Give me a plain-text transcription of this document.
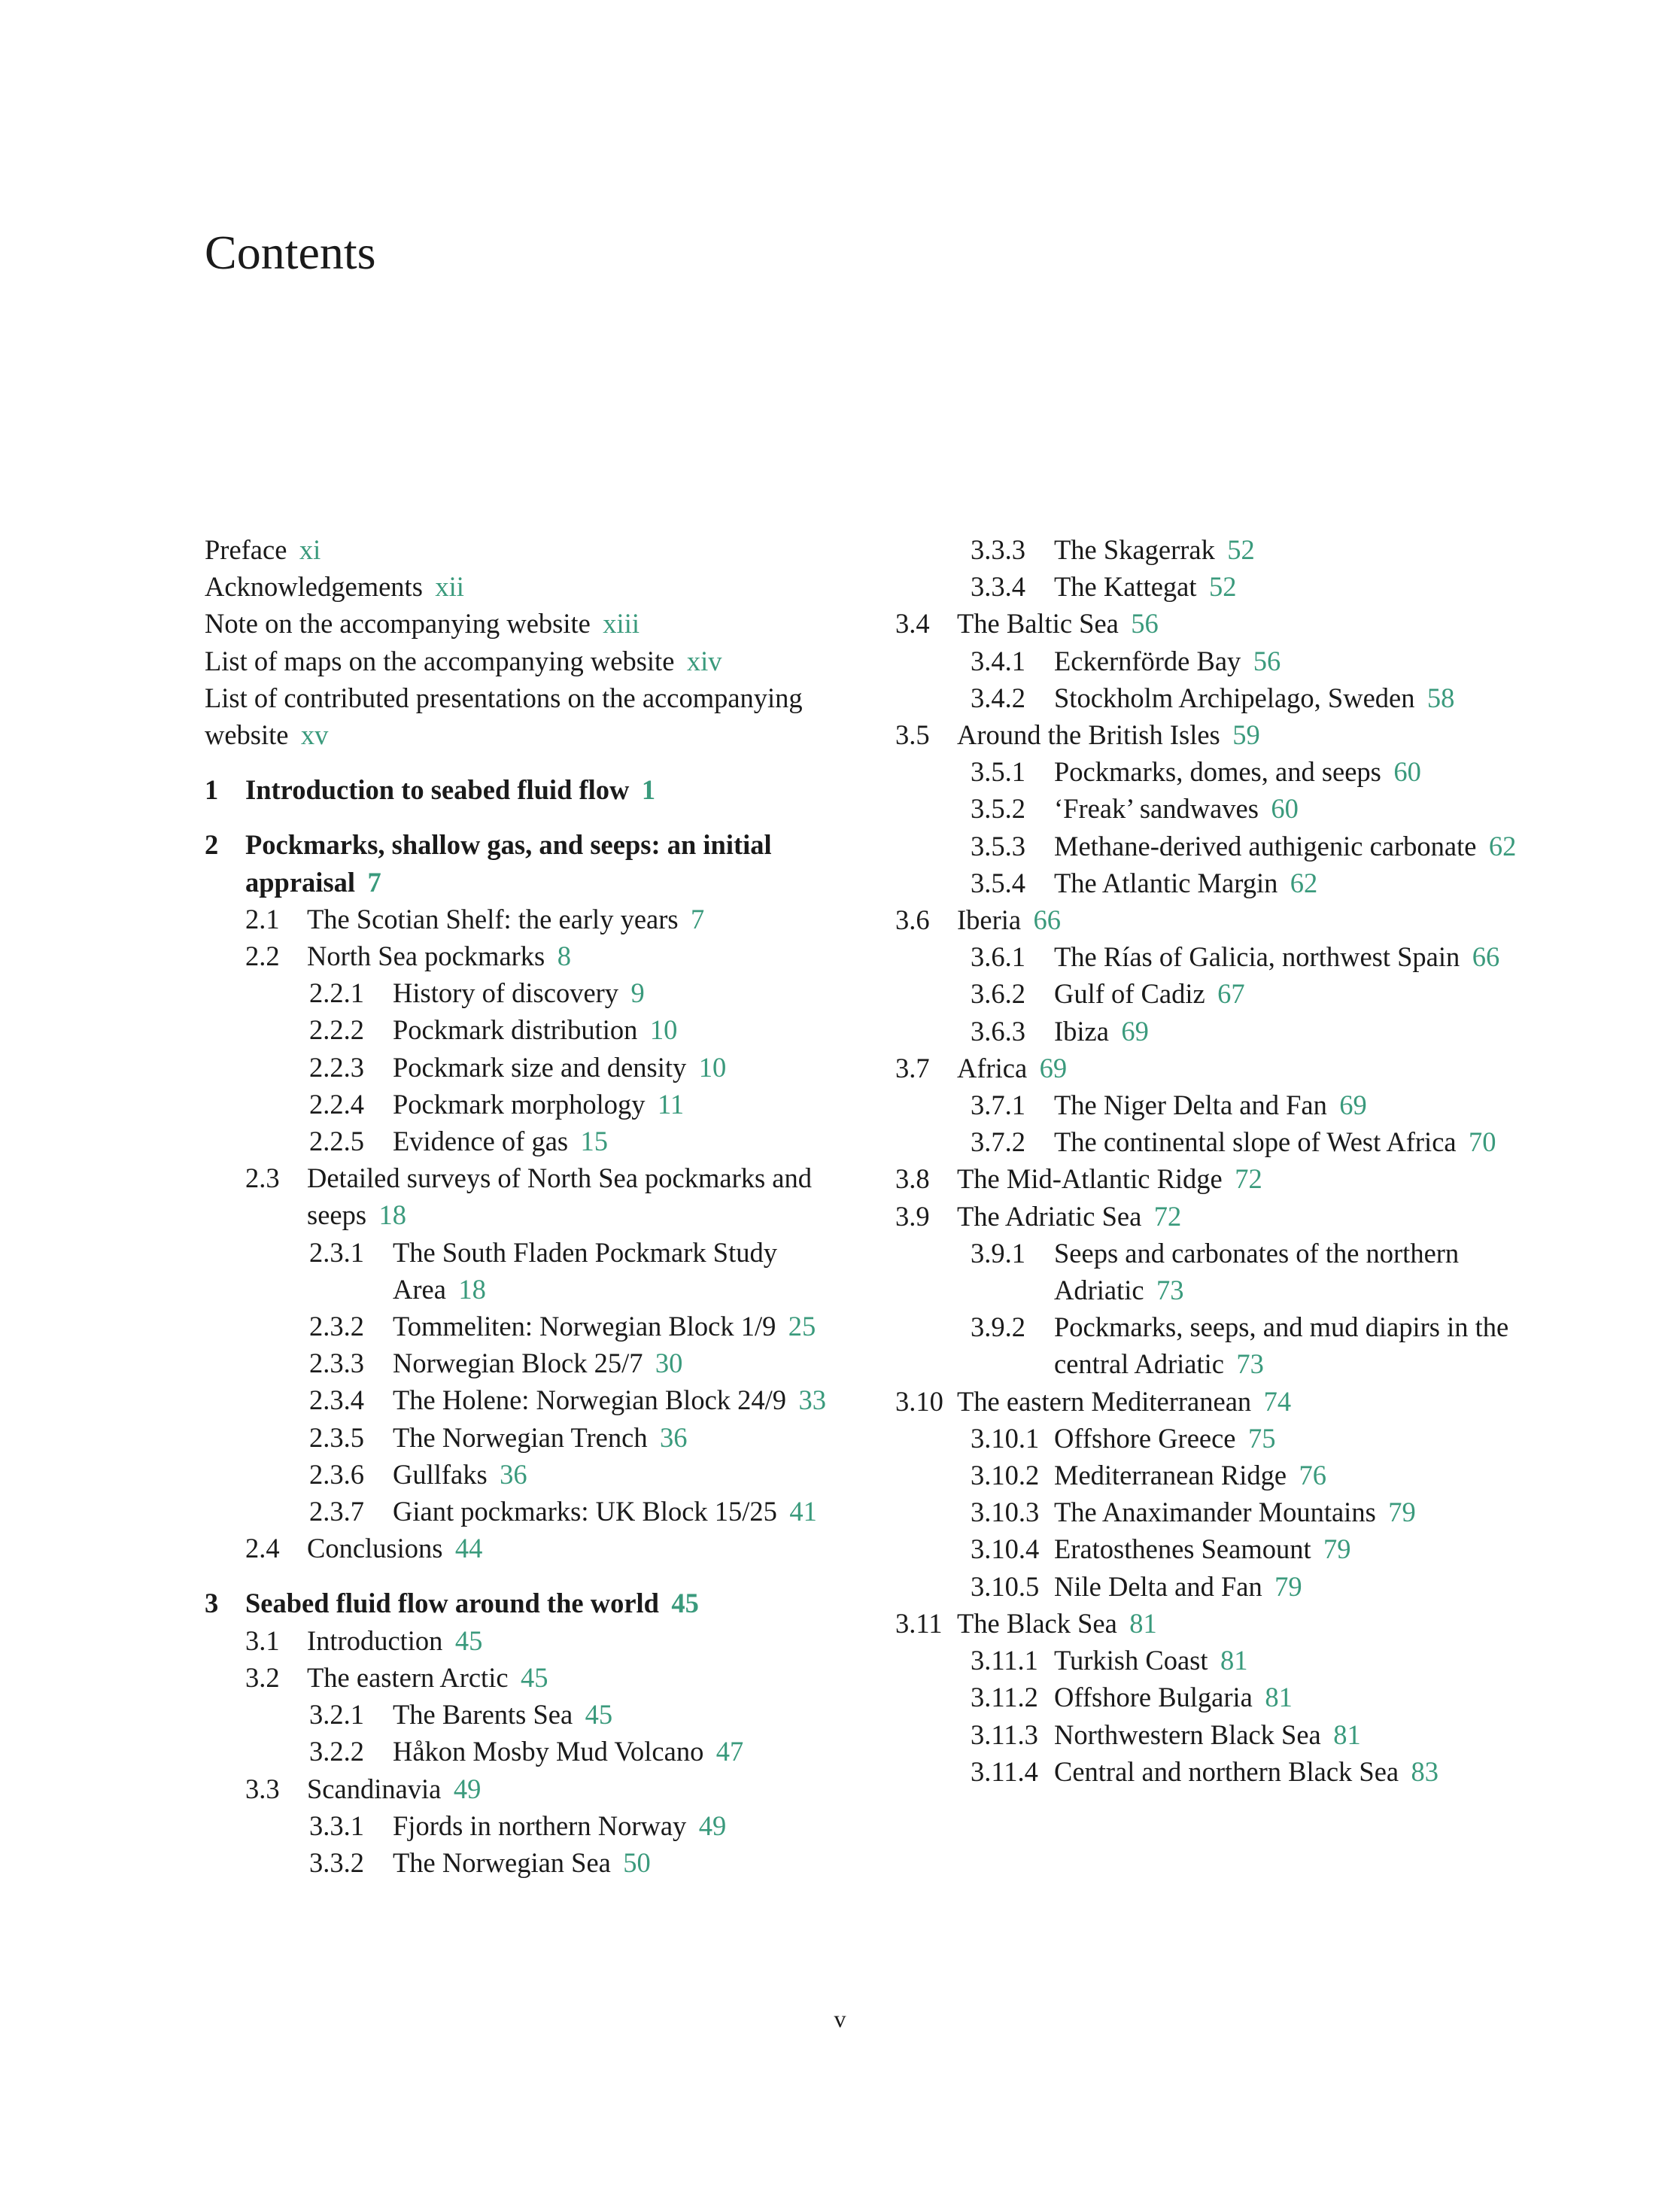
Contents
Preface xi
Acknowledgements xii
Note on the accompanying website xiii
List of maps on the accompanying website xiv
List of contributed presentations on the accompanying website xv
1 Introduction to seabed fluid flow 1
2 Pockmarks, shallow gas, and seeps: an initial appraisal 7
2.1 The Scotian Shelf: the early years 7
2.2 North Sea pockmarks 8
2.2.1 History of discovery 9
2.2.2 Pockmark distribution 10
2.2.3 Pockmark size and density 10
2.2.4 Pockmark morphology 11
2.2.5 Evidence of gas 15
2.3 Detailed surveys of North Sea pockmarks and seeps 18
2.3.1 The South Fladen Pockmark Study Area 18
2.3.2 Tommeliten: Norwegian Block 1/9 25
2.3.3 Norwegian Block 25/7 30
2.3.4 The Holene: Norwegian Block 24/9 33
2.3.5 The Norwegian Trench 36
2.3.6 Gullfaks 36
2.3.7 Giant pockmarks: UK Block 15/25 41
2.4 Conclusions 44
3 Seabed fluid flow around the world 45
3.1 Introduction 45
3.2 The eastern Arctic 45
3.2.1 The Barents Sea 45
3.2.2 Håkon Mosby Mud Volcano 47
3.3 Scandinavia 49
3.3.1 Fjords in northern Norway 49
3.3.2 The Norwegian Sea 50
3.3.3 The Skagerrak 52
3.3.4 The Kattegat 52
3.4 The Baltic Sea 56
3.4.1 Eckernförde Bay 56
3.4.2 Stockholm Archipelago, Sweden 58
3.5 Around the British Isles 59
3.5.1 Pockmarks, domes, and seeps 60
3.5.2 ‘Freak’ sandwaves 60
3.5.3 Methane-derived authigenic carbonate 62
3.5.4 The Atlantic Margin 62
3.6 Iberia 66
3.6.1 The Rías of Galicia, northwest Spain 66
3.6.2 Gulf of Cadiz 67
3.6.3 Ibiza 69
3.7 Africa 69
3.7.1 The Niger Delta and Fan 69
3.7.2 The continental slope of West Africa 70
3.8 The Mid-Atlantic Ridge 72
3.9 The Adriatic Sea 72
3.9.1 Seeps and carbonates of the northern Adriatic 73
3.9.2 Pockmarks, seeps, and mud diapirs in the central Adriatic 73
3.10 The eastern Mediterranean 74
3.10.1 Offshore Greece 75
3.10.2 Mediterranean Ridge 76
3.10.3 The Anaximander Mountains 79
3.10.4 Eratosthenes Seamount 79
3.10.5 Nile Delta and Fan 79
3.11 The Black Sea 81
3.11.1 Turkish Coast 81
3.11.2 Offshore Bulgaria 81
3.11.3 Northwestern Black Sea 81
3.11.4 Central and northern Black Sea 83
v
